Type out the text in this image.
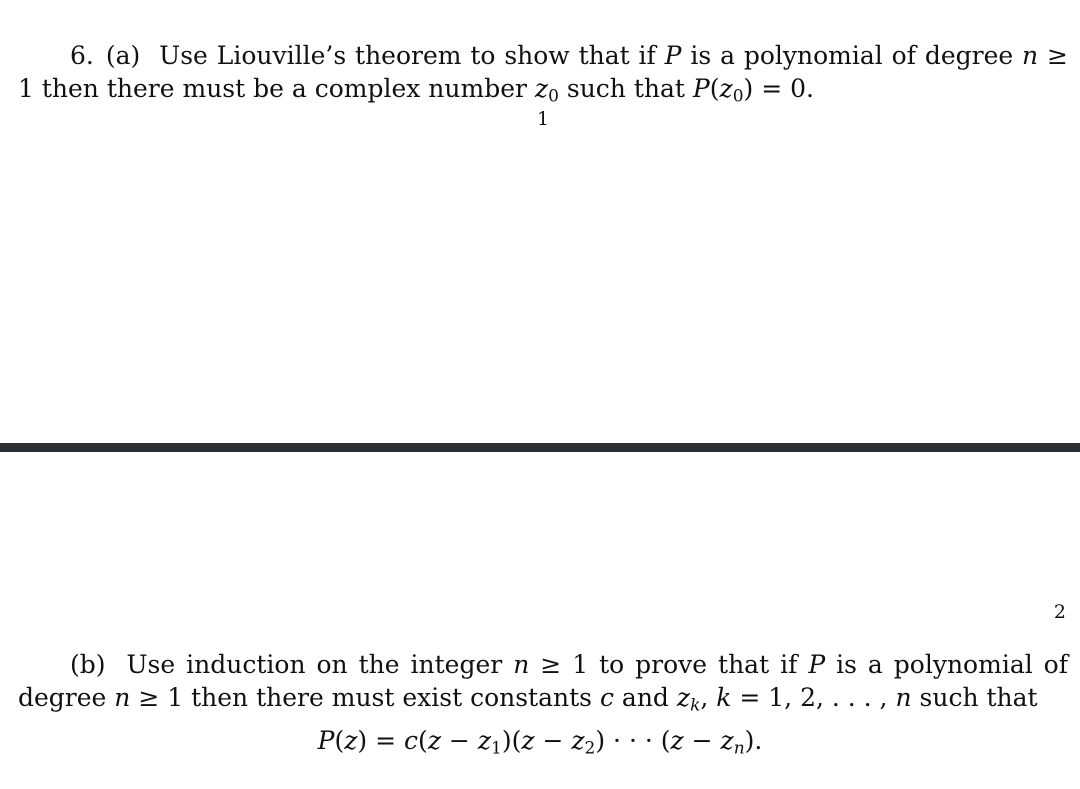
6. (a) Use Liouville’s theorem to show that if P is a polynomial of degree n ≥ 1 then there must be a complex number $z_0$ such that $P(z_0) = 0$.

1

2

(b) Use induction on the integer n ≥ 1 to prove that if P is a polynomial of degree n ≥ 1 then there must exist constants c and $z_k$, k = 1, 2, . . . , n such that

$P(z) = c(z - z_1)(z - z_2)$ · · · $(z - z_n)$.
